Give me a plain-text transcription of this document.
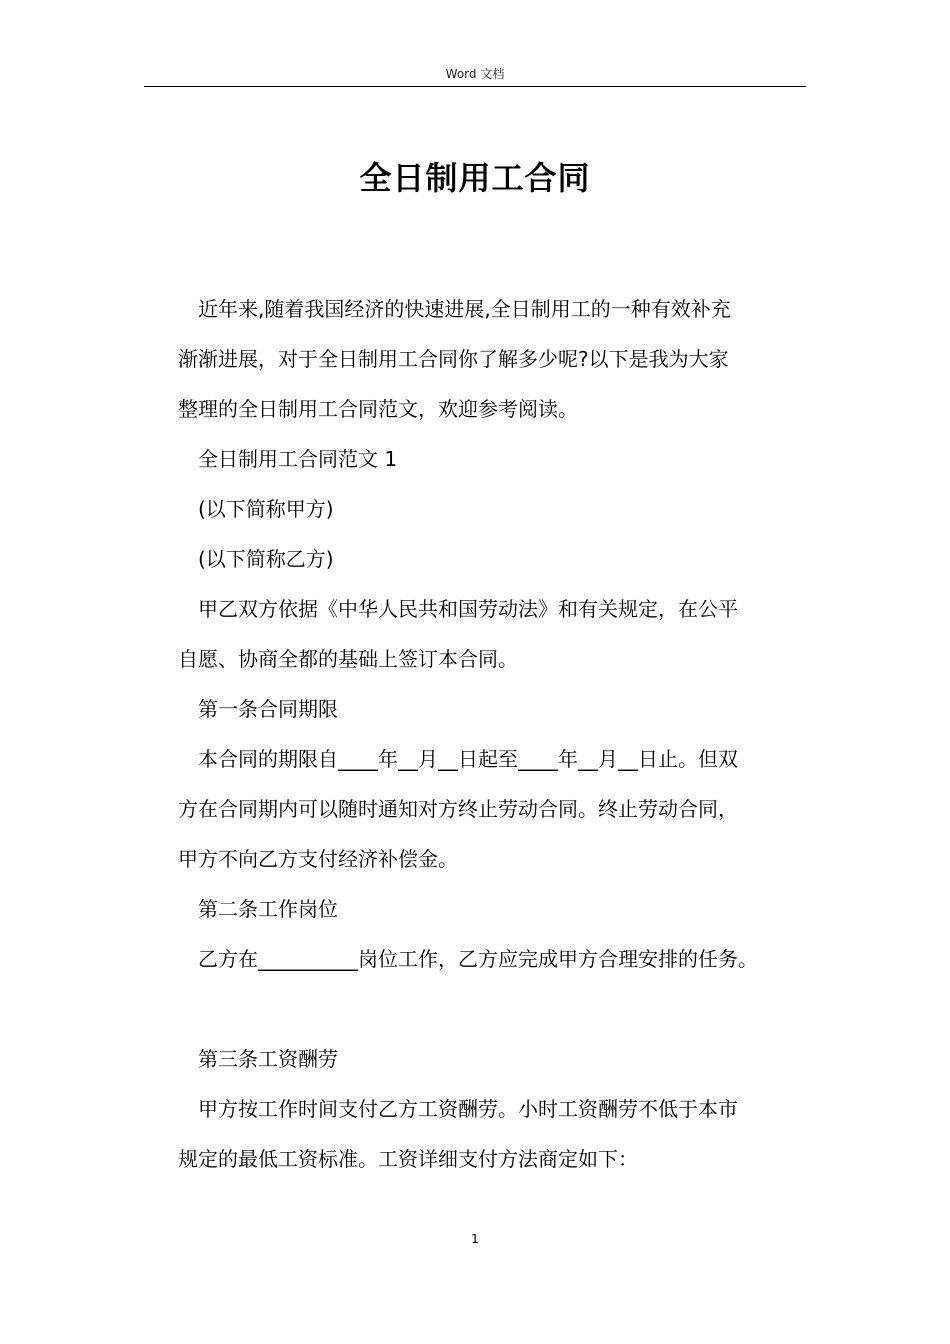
Word 文档
全日制用工合同

近年来,随着我国经济的快速进展,全日制用工的一种有效补充

渐渐进展，对于全日制用工合同你了解多少呢?以下是我为大家

整理的全日制用工合同范文，欢迎参考阅读。

全日制用工合同范文 1

(以下简称甲方)

(以下简称乙方)

甲乙双方依据《中华人民共和国劳动法》和有关规定，在公平

自愿、协商全都的基础上签订本合同。

第一条合同期限

本合同的期限自____年__月__日起至____年__月__日止。但双

方在合同期内可以随时通知对方终止劳动合同。终止劳动合同，

甲方不向乙方支付经济补偿金。

第二条工作岗位

乙方在__________岗位工作，乙方应完成甲方合理安排的任务。

第三条工资酬劳

甲方按工作时间支付乙方工资酬劳。小时工资酬劳不低于本市

规定的最低工资标准。工资详细支付方法商定如下：

1
